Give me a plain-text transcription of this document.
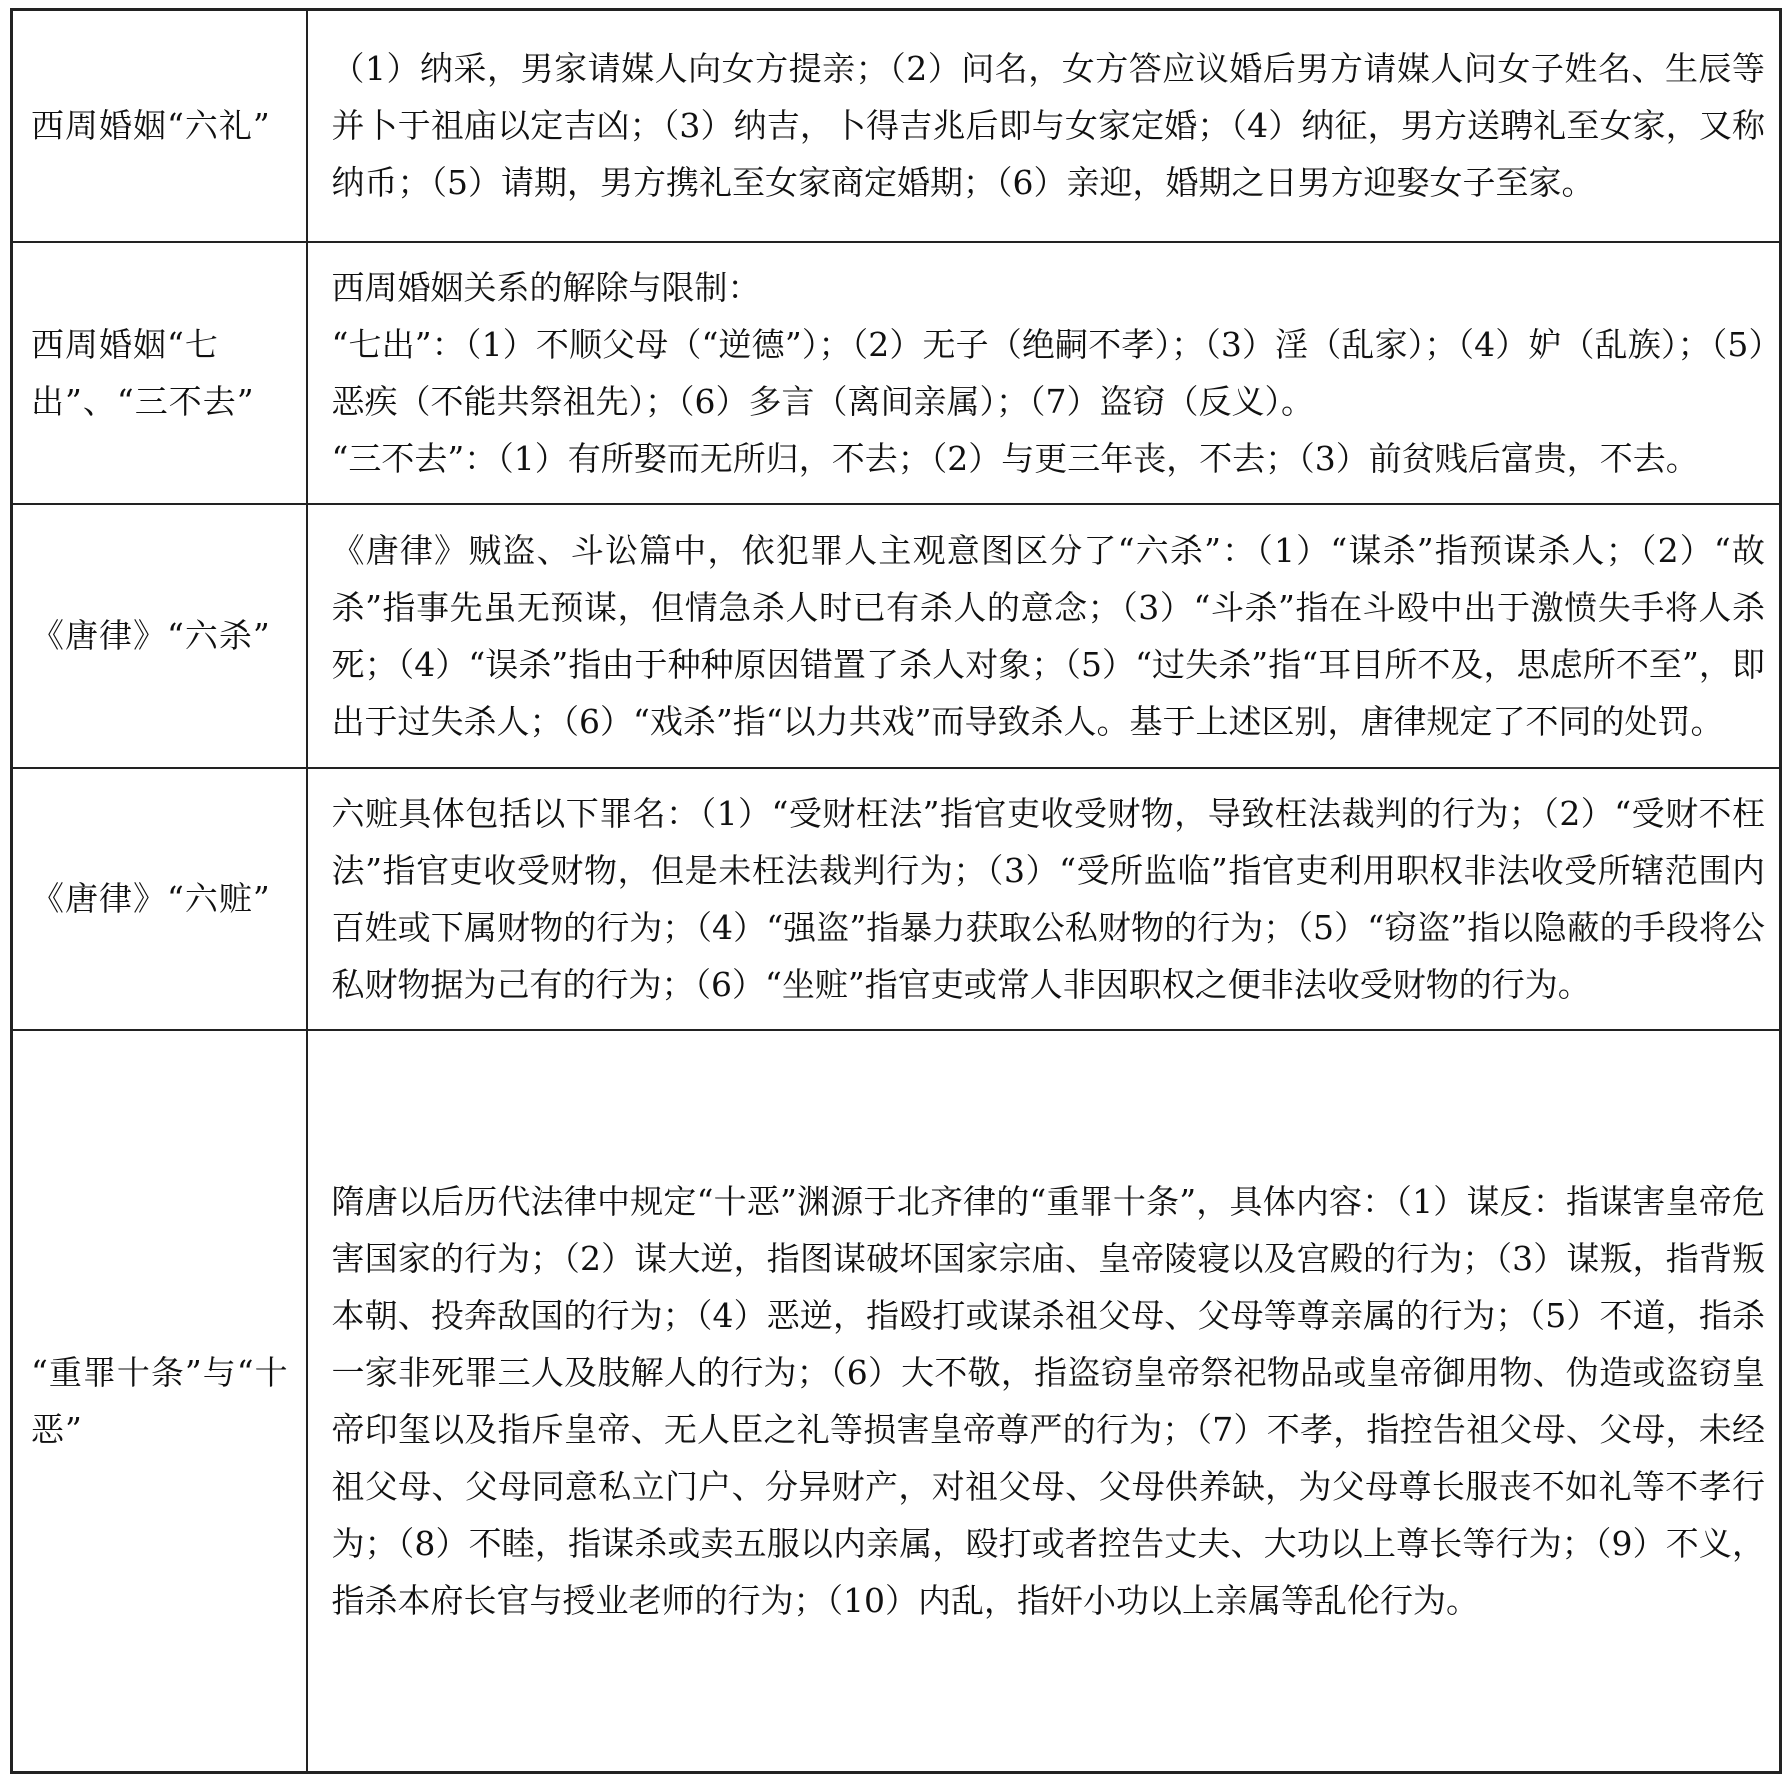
西周婚姻“六礼”	（1）纳采，男家请媒人向女方提亲；（2）问名，女方答应议婚后男方请媒人问女子姓名、生辰等并卜于祖庙以定吉凶；（3）纳吉，卜得吉兆后即与女家定婚；（4）纳征，男方送聘礼至女家，又称纳币；（5）请期，男方携礼至女家商定婚期；（6）亲迎，婚期之日男方迎娶女子至家。

西周婚姻“七出”、“三不去”	西周婚姻关系的解除与限制：

“七出”：（1）不顺父母（“逆德”）；（2）无子（绝嗣不孝）；（3）淫（乱家）；（4）妒（乱族）；（5）恶疾（不能共祭祖先）；（6）多言（离间亲属）；（7）盗窃（反义）。

“三不去”：（1）有所娶而无所归，不去；（2）与更三年丧，不去；（3）前贫贱后富贵，不去。

《唐律》“六杀”	《唐律》贼盗、斗讼篇中，依犯罪人主观意图区分了“六杀”：（1）“谋杀”指预谋杀人；（2）“故杀”指事先虽无预谋，但情急杀人时已有杀人的意念；（3）“斗杀”指在斗殴中出于激愤失手将人杀死；（4）“误杀”指由于种种原因错置了杀人对象；（5）“过失杀”指“耳目所不及，思虑所不至”，即出于过失杀人；（6）“戏杀”指“以力共戏”而导致杀人。基于上述区别，唐律规定了不同的处罚。

《唐律》“六赃”	六赃具体包括以下罪名：（1）“受财枉法”指官吏收受财物，导致枉法裁判的行为；（2）“受财不枉法”指官吏收受财物，但是未枉法裁判行为；（3）“受所监临”指官吏利用职权非法收受所辖范围内百姓或下属财物的行为；（4）“强盗”指暴力获取公私财物的行为；（5）“窃盗”指以隐蔽的手段将公私财物据为己有的行为；（6）“坐赃”指官吏或常人非因职权之便非法收受财物的行为。

“重罪十条”与“十恶”	隋唐以后历代法律中规定“十恶”渊源于北齐律的“重罪十条”，具体内容：（1）谋反：指谋害皇帝危害国家的行为；（2）谋大逆，指图谋破坏国家宗庙、皇帝陵寝以及宫殿的行为；（3）谋叛，指背叛本朝、投奔敌国的行为；（4）恶逆，指殴打或谋杀祖父母、父母等尊亲属的行为；（5）不道，指杀一家非死罪三人及肢解人的行为；（6）大不敬，指盗窃皇帝祭祀物品或皇帝御用物、伪造或盗窃皇帝印玺以及指斥皇帝、无人臣之礼等损害皇帝尊严的行为；（7）不孝，指控告祖父母、父母，未经祖父母、父母同意私立门户、分异财产，对祖父母、父母供养缺，为父母尊长服丧不如礼等不孝行为；（8）不睦，指谋杀或卖五服以内亲属，殴打或者控告丈夫、大功以上尊长等行为；（9）不义，指杀本府长官与授业老师的行为；（10）内乱，指奸小功以上亲属等乱伦行为。
